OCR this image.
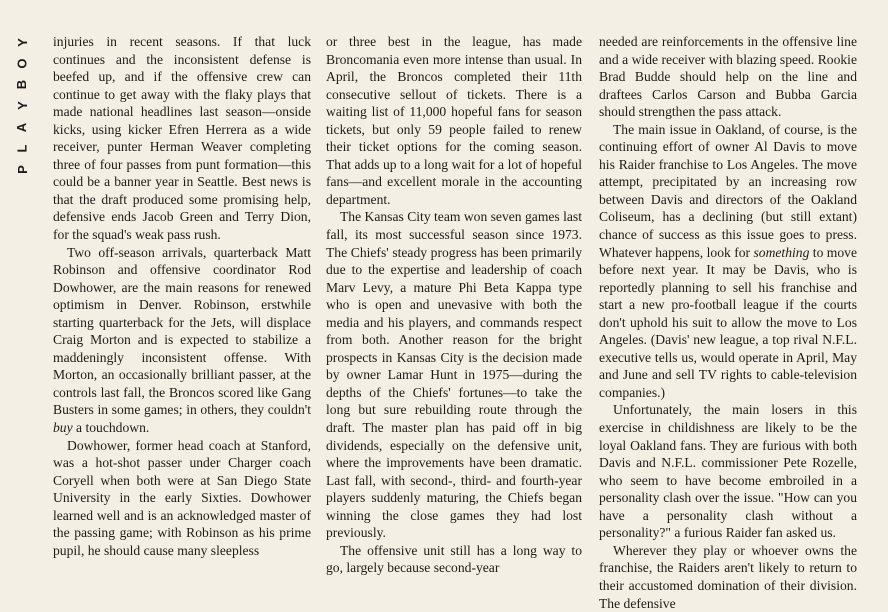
Y
O
B
Y
A
L
P

injuries in recent seasons. If that luck continues and the inconsistent defense is beefed up, and if the offensive crew can continue to get away with the flaky plays that made national headlines last season—onside kicks, using kicker Efren Herrera as a wide receiver, punter Herman Weaver completing three of four passes from punt formation—this could be a banner year in Seattle. Best news is that the draft produced some promising help, defensive ends Jacob Green and Terry Dion, for the squad's weak pass rush.

Two off-season arrivals, quarterback Matt Robinson and offensive coordinator Rod Dowhower, are the main reasons for renewed optimism in Denver. Robinson, erstwhile starting quarterback for the Jets, will displace Craig Morton and is expected to stabilize a maddeningly inconsistent offense. With Morton, an occasionally brilliant passer, at the controls last fall, the Broncos scored like Gang Busters in some games; in others, they couldn't buy a touchdown.

Dowhower, former head coach at Stanford, was a hot-shot passer under Charger coach Coryell when both were at San Diego State University in the early Sixties. Dowhower learned well and is an acknowledged master of the passing game; with Robinson as his prime pupil, he should cause many sleepless

or three best in the league, has made Broncomania even more intense than usual. In April, the Broncos completed their 11th consecutive sellout of tickets. There is a waiting list of 11,000 hopeful fans for season tickets, but only 59 people failed to renew their ticket options for the coming season. That adds up to a long wait for a lot of hopeful fans—and excellent morale in the accounting department.

The Kansas City team won seven games last fall, its most successful season since 1973. The Chiefs' steady progress has been primarily due to the expertise and leadership of coach Marv Levy, a mature Phi Beta Kappa type who is open and unevasive with both the media and his players, and commands respect from both. Another reason for the bright prospects in Kansas City is the decision made by owner Lamar Hunt in 1975—during the depths of the Chiefs' fortunes—to take the long but sure rebuilding route through the draft. The master plan has paid off in big dividends, especially on the defensive unit, where the improvements have been dramatic. Last fall, with second-, third- and fourth-year players suddenly maturing, the Chiefs began winning the close games they had lost previously.

The offensive unit still has a long way to go, largely because second-year

needed are reinforcements in the offensive line and a wide receiver with blazing speed. Rookie Brad Budde should help on the line and draftees Carlos Carson and Bubba Garcia should strengthen the pass attack.

The main issue in Oakland, of course, is the continuing effort of owner Al Davis to move his Raider franchise to Los Angeles. The move attempt, precipitated by an increasing row between Davis and directors of the Oakland Coliseum, has a declining (but still extant) chance of success as this issue goes to press. Whatever happens, look for something to move before next year. It may be Davis, who is reportedly planning to sell his franchise and start a new pro-football league if the courts don't uphold his suit to allow the move to Los Angeles. (Davis' new league, a top rival N.F.L. executive tells us, would operate in April, May and June and sell TV rights to cable-television companies.)

Unfortunately, the main losers in this exercise in childishness are likely to be the loyal Oakland fans. They are furious with both Davis and N.F.L. commissioner Pete Rozelle, who seem to have become embroiled in a personality clash over the issue. "How can you have a personality clash without a personality?" a furious Raider fan asked us.

Wherever they play or whoever owns the franchise, the Raiders aren't likely to return to their accustomed domination of their division. The defensive
